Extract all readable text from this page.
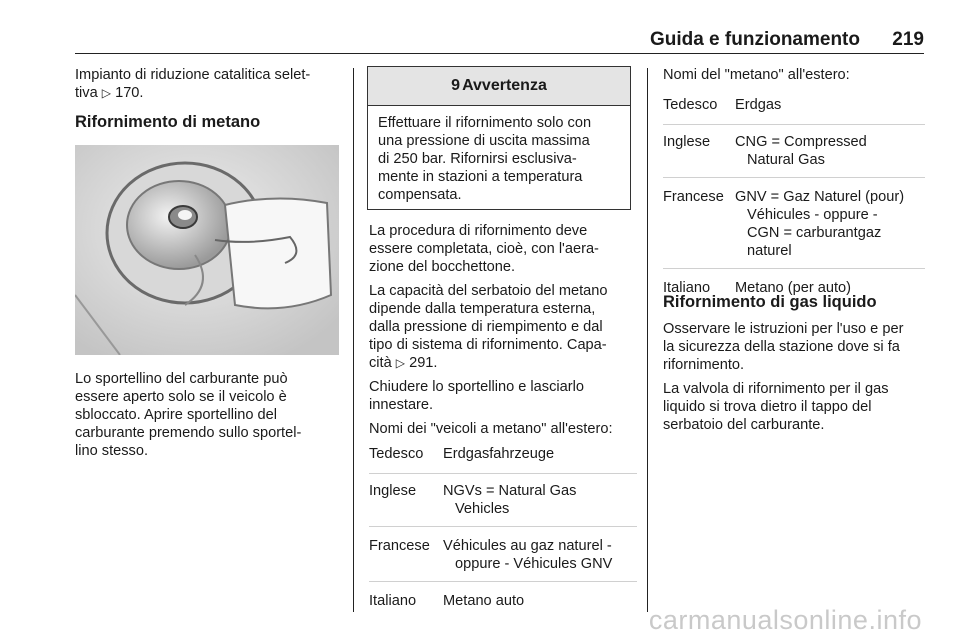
Guida e funzionamento 219

Impianto di riduzione catalitica selet-

tiva ▷ 170.

Rifornimento di metano

Lo sportellino del carburante può

essere aperto solo se il veicolo è

sbloccato. Aprire sportellino del

carburante premendo sullo sportel-

lino stesso.

9 Avvertenza

Effettuare il rifornimento solo con

una pressione di uscita massima

di 250 bar. Rifornirsi esclusiva-

mente in stazioni a temperatura

compensata.

La procedura di rifornimento deve

essere completata, cioè, con l'aera-

zione del bocchettone.

La capacità del serbatoio del metano

dipende dalla temperatura esterna,

dalla pressione di riempimento e dal

tipo di sistema di rifornimento. Capa-

cità ▷ 291.

Chiudere lo sportellino e lasciarlo

innestare.

Nomi dei "veicoli a metano" all'estero:

Tedesco	Erdgasfahrzeuge

Inglese	NGVs = Natural Gas
Vehicles

Francese	Véhicules au gaz naturel -
oppure - Véhicules GNV

Italiano	Metano auto

Nomi del "metano" all'estero:

Tedesco	Erdgas

Inglese	CNG = Compressed
Natural Gas

Francese	GNV = Gaz Naturel (pour)
Véhicules - oppure -
CGN = carburantgaz
naturel

Italiano	Metano (per auto)

Rifornimento di gas liquido

Osservare le istruzioni per l'uso e per

la sicurezza della stazione dove si fa

rifornimento.

La valvola di rifornimento per il gas

liquido si trova dietro il tappo del

serbatoio del carburante.

carmanualsonline.info
